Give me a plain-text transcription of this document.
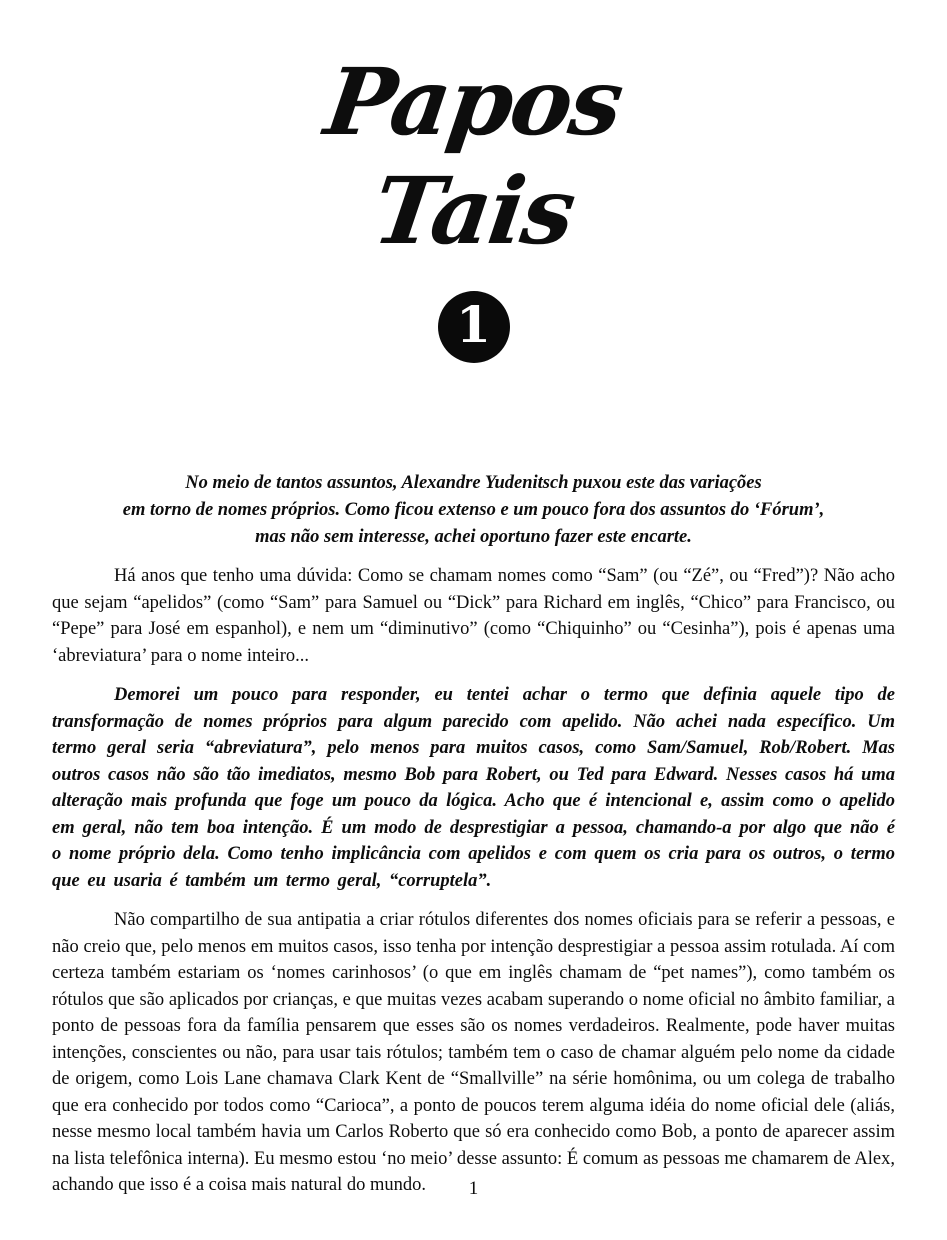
Papos
Tais
1
No meio de tantos assuntos, Alexandre Yudenitsch puxou este das variações
em torno de nomes próprios. Como ficou extenso e um pouco fora dos assuntos do ‘Fórum’,
mas não sem interesse, achei oportuno fazer este encarte.

Há anos que tenho uma dúvida: Como se chamam nomes como “Sam” (ou “Zé”, ou “Fred”)? Não acho que sejam “apelidos” (como “Sam” para Samuel ou “Dick” para Richard em inglês, “Chico” para Francisco, ou “Pepe” para José em espanhol), e nem um “diminutivo” (como “Chiquinho” ou “Cesinha”), pois é apenas uma ‘abreviatura’ para o nome inteiro...

Demorei um pouco para responder, eu tentei achar o termo que definia aquele tipo de transformação de nomes próprios para algum parecido com apelido. Não achei nada específico. Um termo geral seria “abreviatura”, pelo menos para muitos casos, como Sam/Samuel, Rob/Robert. Mas outros casos não são tão imediatos, mesmo Bob para Robert, ou Ted para Edward. Nesses casos há uma alteração mais profunda que foge um pouco da lógica. Acho que é intencional e, assim como o apelido em geral, não tem boa intenção. É um modo de desprestigiar a pessoa, chamando-a por algo que não é o nome próprio dela. Como tenho implicância com apelidos e com quem os cria para os outros, o termo que eu usaria é também um termo geral, “corruptela”.

Não compartilho de sua antipatia a criar rótulos diferentes dos nomes oficiais para se referir a pessoas, e não creio que, pelo menos em muitos casos, isso tenha por intenção desprestigiar a pessoa assim rotulada. Aí com certeza também estariam os ‘nomes carinhosos’ (o que em inglês chamam de “pet names”), como também os rótulos que são aplicados por crianças, e que muitas vezes acabam superando o nome oficial no âmbito familiar, a ponto de pessoas fora da família pensarem que esses são os nomes verdadeiros. Realmente, pode haver muitas intenções, conscientes ou não, para usar tais rótulos; também tem o caso de chamar alguém pelo nome da cidade de origem, como Lois Lane chamava Clark Kent de “Smallville” na série homônima, ou um colega de trabalho que era conhecido por todos como “Carioca”, a ponto de poucos terem alguma idéia do nome oficial dele (aliás, nesse mesmo local também havia um Carlos Roberto que só era conhecido como Bob, a ponto de aparecer assim na lista telefônica interna). Eu mesmo estou ‘no meio’ desse assunto: É comum as pessoas me chamarem de Alex, achando que isso é a coisa mais natural do mundo.	1
